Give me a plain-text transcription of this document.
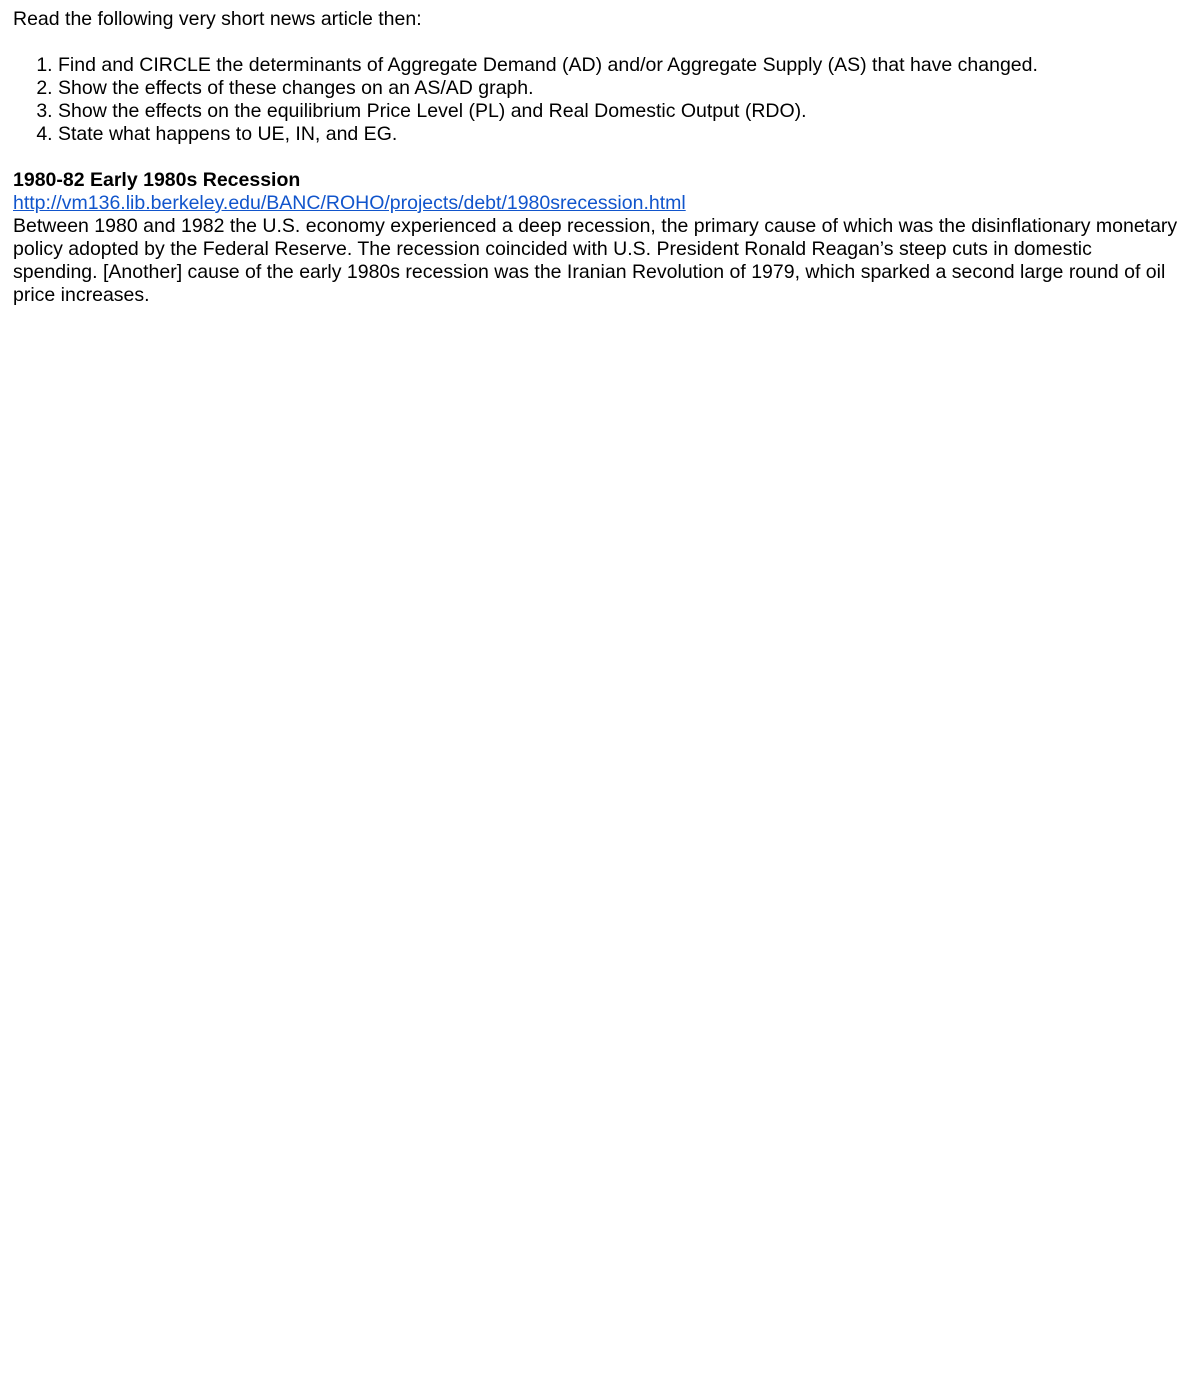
Read the following very short news article then:

1. Find and CIRCLE the determinants of Aggregate Demand (AD) and/or Aggregate Supply (AS) that have changed.
2. Show the effects of these changes on an AS/AD graph.
3. Show the effects on the equilibrium Price Level (PL) and Real Domestic Output (RDO).
4. State what happens to UE, IN, and EG.
1980-82 Early 1980s Recession
http://vm136.lib.berkeley.edu/BANC/ROHO/projects/debt/1980srecession.html

Between 1980 and 1982 the U.S. economy experienced a deep recession, the primary cause of which was the disinflationary monetary policy adopted by the Federal Reserve. The recession coincided with U.S. President Ronald Reagan’s steep cuts in domestic spending. [Another] cause of the early 1980s recession was the Iranian Revolution of 1979, which sparked a second large round of oil price increases.
